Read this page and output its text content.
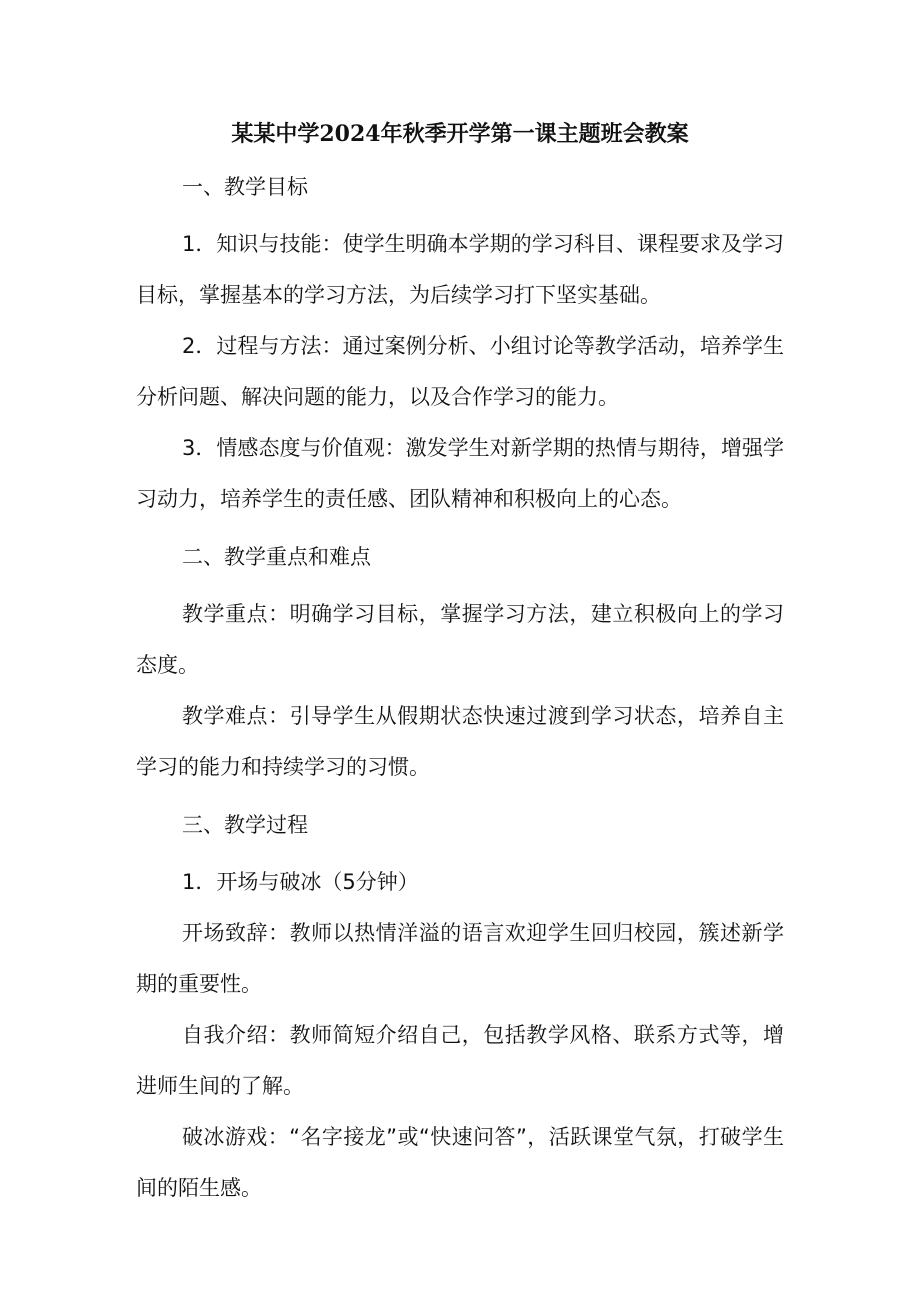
某某中学2024年秋季开学第一课主题班会教案
一、教学目标

1．知识与技能：使学生明确本学期的学习科目、课程要求及学习目标，掌握基本的学习方法，为后续学习打下坚实基础。

2．过程与方法：通过案例分析、小组讨论等教学活动，培养学生分析问题、解决问题的能力，以及合作学习的能力。

3．情感态度与价值观：激发学生对新学期的热情与期待，增强学习动力，培养学生的责任感、团队精神和积极向上的心态。

二、教学重点和难点

教学重点：明确学习目标，掌握学习方法，建立积极向上的学习态度。

教学难点：引导学生从假期状态快速过渡到学习状态，培养自主学习的能力和持续学习的习惯。

三、教学过程

1．开场与破冰（5分钟）

开场致辞：教师以热情洋溢的语言欢迎学生回归校园，簇述新学期的重要性。

自我介绍：教师简短介绍自己，包括教学风格、联系方式等，增进师生间的了解。

破冰游戏：“名字接龙”或“快速问答”，活跃课堂气氛，打破学生间的陌生感。
